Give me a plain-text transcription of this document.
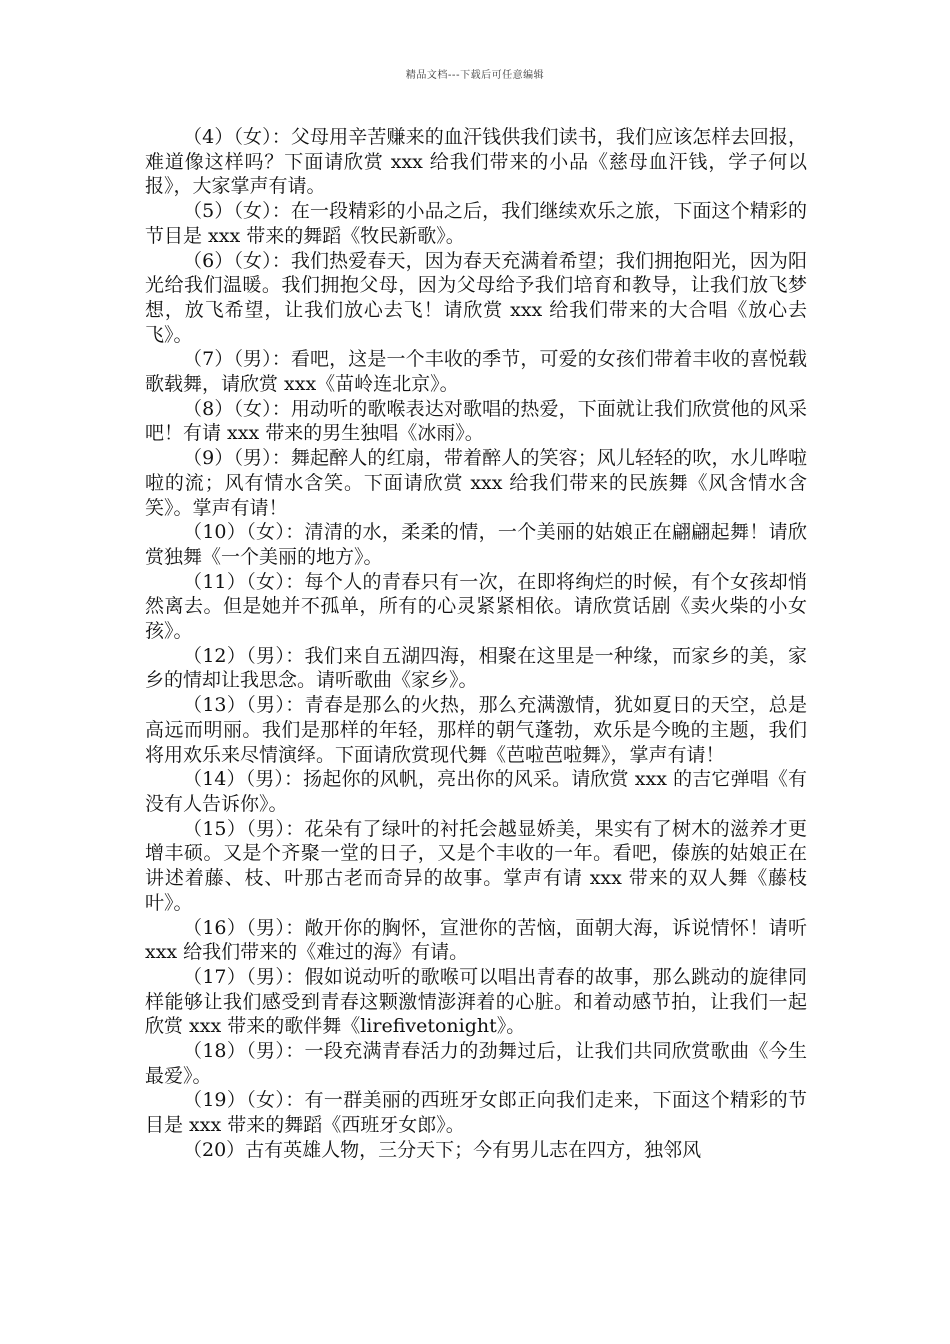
精品文档---下载后可任意编辑

（4）（女）：父母用辛苦赚来的血汗钱供我们读书，我们应该怎样去回报，难道像这样吗？下面请欣赏 xxx 给我们带来的小品《慈母血汗钱，学子何以报》，大家掌声有请。

（5）（女）：在一段精彩的小品之后，我们继续欢乐之旅，下面这个精彩的节目是 xxx 带来的舞蹈《牧民新歌》。

（6）（女）：我们热爱春天，因为春天充满着希望；我们拥抱阳光，因为阳光给我们温暖。我们拥抱父母，因为父母给予我们培育和教导，让我们放飞梦想，放飞希望，让我们放心去飞！请欣赏 xxx 给我们带来的大合唱《放心去飞》。

（7）（男）：看吧，这是一个丰收的季节，可爱的女孩们带着丰收的喜悦载歌载舞，请欣赏 xxx《苗岭连北京》。

（8）（女）：用动听的歌喉表达对歌唱的热爱，下面就让我们欣赏他的风采吧！有请 xxx 带来的男生独唱《冰雨》。

（9）（男）：舞起醉人的红扇，带着醉人的笑容；风儿轻轻的吹，水儿哗啦啦的流；风有情水含笑。下面请欣赏 xxx 给我们带来的民族舞《风含情水含笑》。掌声有请！

（10）（女）：清清的水，柔柔的情，一个美丽的姑娘正在翩翩起舞！请欣赏独舞《一个美丽的地方》。

（11）（女）：每个人的青春只有一次，在即将绚烂的时候，有个女孩却悄然离去。但是她并不孤单，所有的心灵紧紧相依。请欣赏话剧《卖火柴的小女孩》。

（12）（男）：我们来自五湖四海，相聚在这里是一种缘，而家乡的美，家乡的情却让我思念。请听歌曲《家乡》。

（13）（男）：青春是那么的火热，那么充满激情，犹如夏日的天空，总是高远而明丽。我们是那样的年轻，那样的朝气蓬勃，欢乐是今晚的主题，我们将用欢乐来尽情演绎。下面请欣赏现代舞《芭啦芭啦舞》，掌声有请！

（14）（男）：扬起你的风帆，亮出你的风采。请欣赏 xxx 的吉它弹唱《有没有人告诉你》。

（15）（男）：花朵有了绿叶的衬托会越显娇美，果实有了树木的滋养才更增丰硕。又是个齐聚一堂的日子，又是个丰收的一年。看吧，傣族的姑娘正在讲述着藤、枝、叶那古老而奇异的故事。掌声有请 xxx 带来的双人舞《藤枝叶》。

（16）（男）：敞开你的胸怀，宣泄你的苦恼，面朝大海，诉说情怀！请听 xxx 给我们带来的《难过的海》有请。

（17）（男）：假如说动听的歌喉可以唱出青春的故事，那么跳动的旋律同样能够让我们感受到青春这颗激情澎湃着的心脏。和着动感节拍，让我们一起欣赏 xxx 带来的歌伴舞《lirefivetonight》。

（18）（男）：一段充满青春活力的劲舞过后，让我们共同欣赏歌曲《今生最爱》。

（19）（女）：有一群美丽的西班牙女郎正向我们走来，下面这个精彩的节目是 xxx 带来的舞蹈《西班牙女郎》。

（20）古有英雄人物，三分天下；今有男儿志在四方，独邻风
